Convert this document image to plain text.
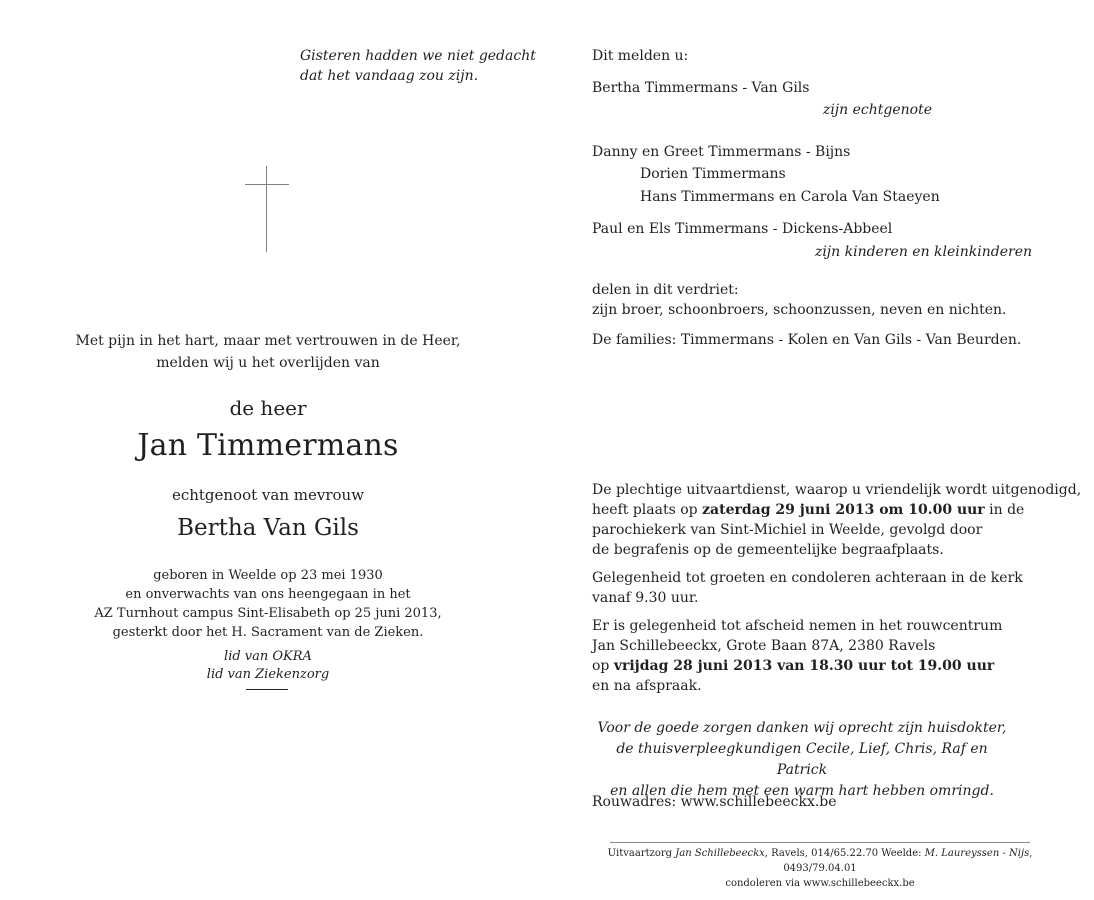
Gisteren hadden we niet gedacht
dat het vandaag zou zijn.
Met pijn in het hart, maar met vertrouwen in de Heer,
melden wij u het overlijden van
de heer
Jan Timmermans
echtgenoot van mevrouw
Bertha Van Gils
geboren in Weelde op 23 mei 1930
en onverwachts van ons heengegaan in het
AZ Turnhout campus Sint-Elisabeth op 25 juni 2013,
gesterkt door het H. Sacrament van de Zieken.
lid van OKRA
lid van Ziekenzorg
Dit melden u:
Bertha Timmermans - Van Gils
zijn echtgenote
Danny en Greet Timmermans - Bijns
Dorien Timmermans
Hans Timmermans en Carola Van Staeyen
Paul en Els Timmermans - Dickens-Abbeel
zijn kinderen en kleinkinderen
delen in dit verdriet:
zijn broer, schoonbroers, schoonzussen, neven en nichten.
De families: Timmermans - Kolen en Van Gils - Van Beurden.
De plechtige uitvaartdienst, waarop u vriendelijk wordt uitgenodigd,
heeft plaats op zaterdag 29 juni 2013 om 10.00 uur in de
parochiekerk van Sint-Michiel in Weelde, gevolgd door
de begrafenis op de gemeentelijke begraafplaats.
Gelegenheid tot groeten en condoleren achteraan in de kerk
vanaf 9.30 uur.
Er is gelegenheid tot afscheid nemen in het rouwcentrum
Jan Schillebeeckx, Grote Baan 87A, 2380 Ravels
op vrijdag 28 juni 2013 van 18.30 uur tot 19.00 uur
en na afspraak.
Voor de goede zorgen danken wij oprecht zijn huisdokter,
de thuisverpleegkundigen Cecile, Lief, Chris, Raf en Patrick
en allen die hem met een warm hart hebben omringd.
Rouwadres: www.schillebeeckx.be
Uitvaartzorg Jan Schillebeeckx, Ravels, 014/65.22.70 Weelde: M. Laureyssen - Nijs, 0493/79.04.01
condoleren via www.schillebeeckx.be
